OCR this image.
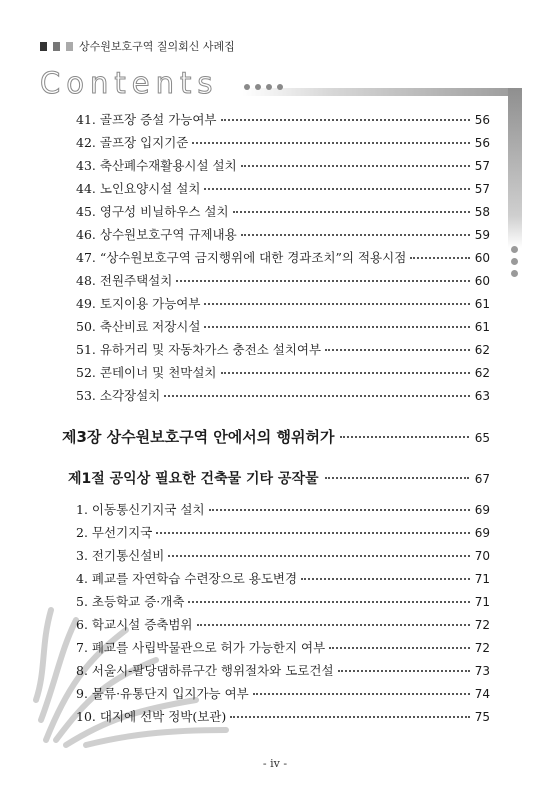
상수원보호구역 질의회신 사례집
Contents
41.
골프장 증설 가능여부	56
42.
골프장 입지기준	56
43.
축산폐수재활용시설 설치	57
44.
노인요양시설 설치	57
45.
영구성 비닐하우스 설치	58
46.
상수원보호구역 규제내용	59
47.
“상수원보호구역 금지행위에 대한 경과조치”의 적용시점	60
48.
전원주택설치	60
49.
토지이용 가능여부	61
50.
축산비료 저장시설	61
51.
유하거리 및 자동차가스 충전소 설치여부	62
52.
콘테이너 및 천막설치	62
53.
소각장설치	63
제3장 상수원보호구역 안에서의 행위허가	65
제1절 공익상 필요한 건축물 기타 공작물	67
1.
이동통신기지국 설치	69
2.
무선기지국	69
3.
전기통신설비	70
4.
폐교를 자연학습 수련장으로 용도변경	71
5.
초등학교 증·개축	71
6.
학교시설 증축범위	72
7.
폐교를 사립박물관으로 허가 가능한지 여부	72
8.
서울시-팔당댐하류구간 행위절차와 도로건설	73
9.
물류·유통단지 입지가능 여부	74
10.
대지에 선박 정박(보관)	75
- iv -
